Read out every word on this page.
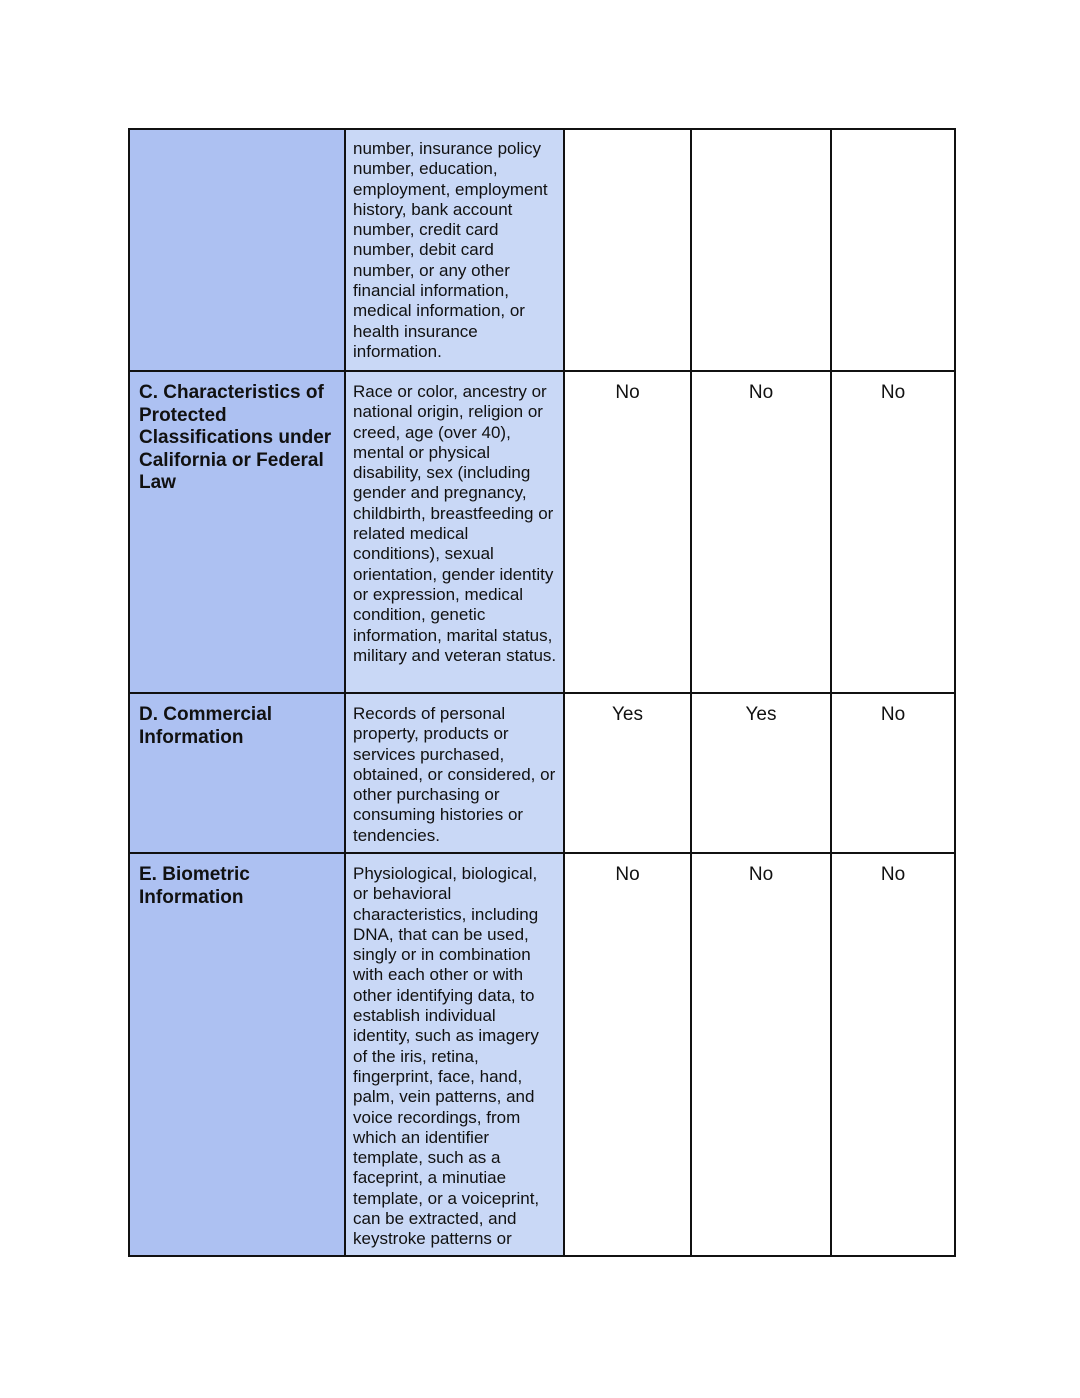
	number, insurance policy number, education, employment, employment history, bank account number, credit card number, debit card number, or any other financial information, medical information, or health insurance information.			

C. Characteristics of Protected Classifications under California or Federal Law	Race or color, ancestry or national origin, religion or creed, age (over 40), mental or physical disability, sex (including gender and pregnancy, childbirth, breastfeeding or related medical conditions), sexual orientation, gender identity or expression, medical condition, genetic information, marital status, military and veteran status.	No	No	No

D. Commercial Information	Records of personal property, products or services purchased, obtained, or considered, or other purchasing or consuming histories or tendencies.	Yes	Yes	No

E. Biometric Information	Physiological, biological, or behavioral characteristics, including DNA, that can be used, singly or in combination with each other or with other identifying data, to establish individual identity, such as imagery of the iris, retina, fingerprint, face, hand, palm, vein patterns, and voice recordings, from which an identifier template, such as a faceprint, a minutiae template, or a voiceprint, can be extracted, and keystroke patterns or	No	No	No
